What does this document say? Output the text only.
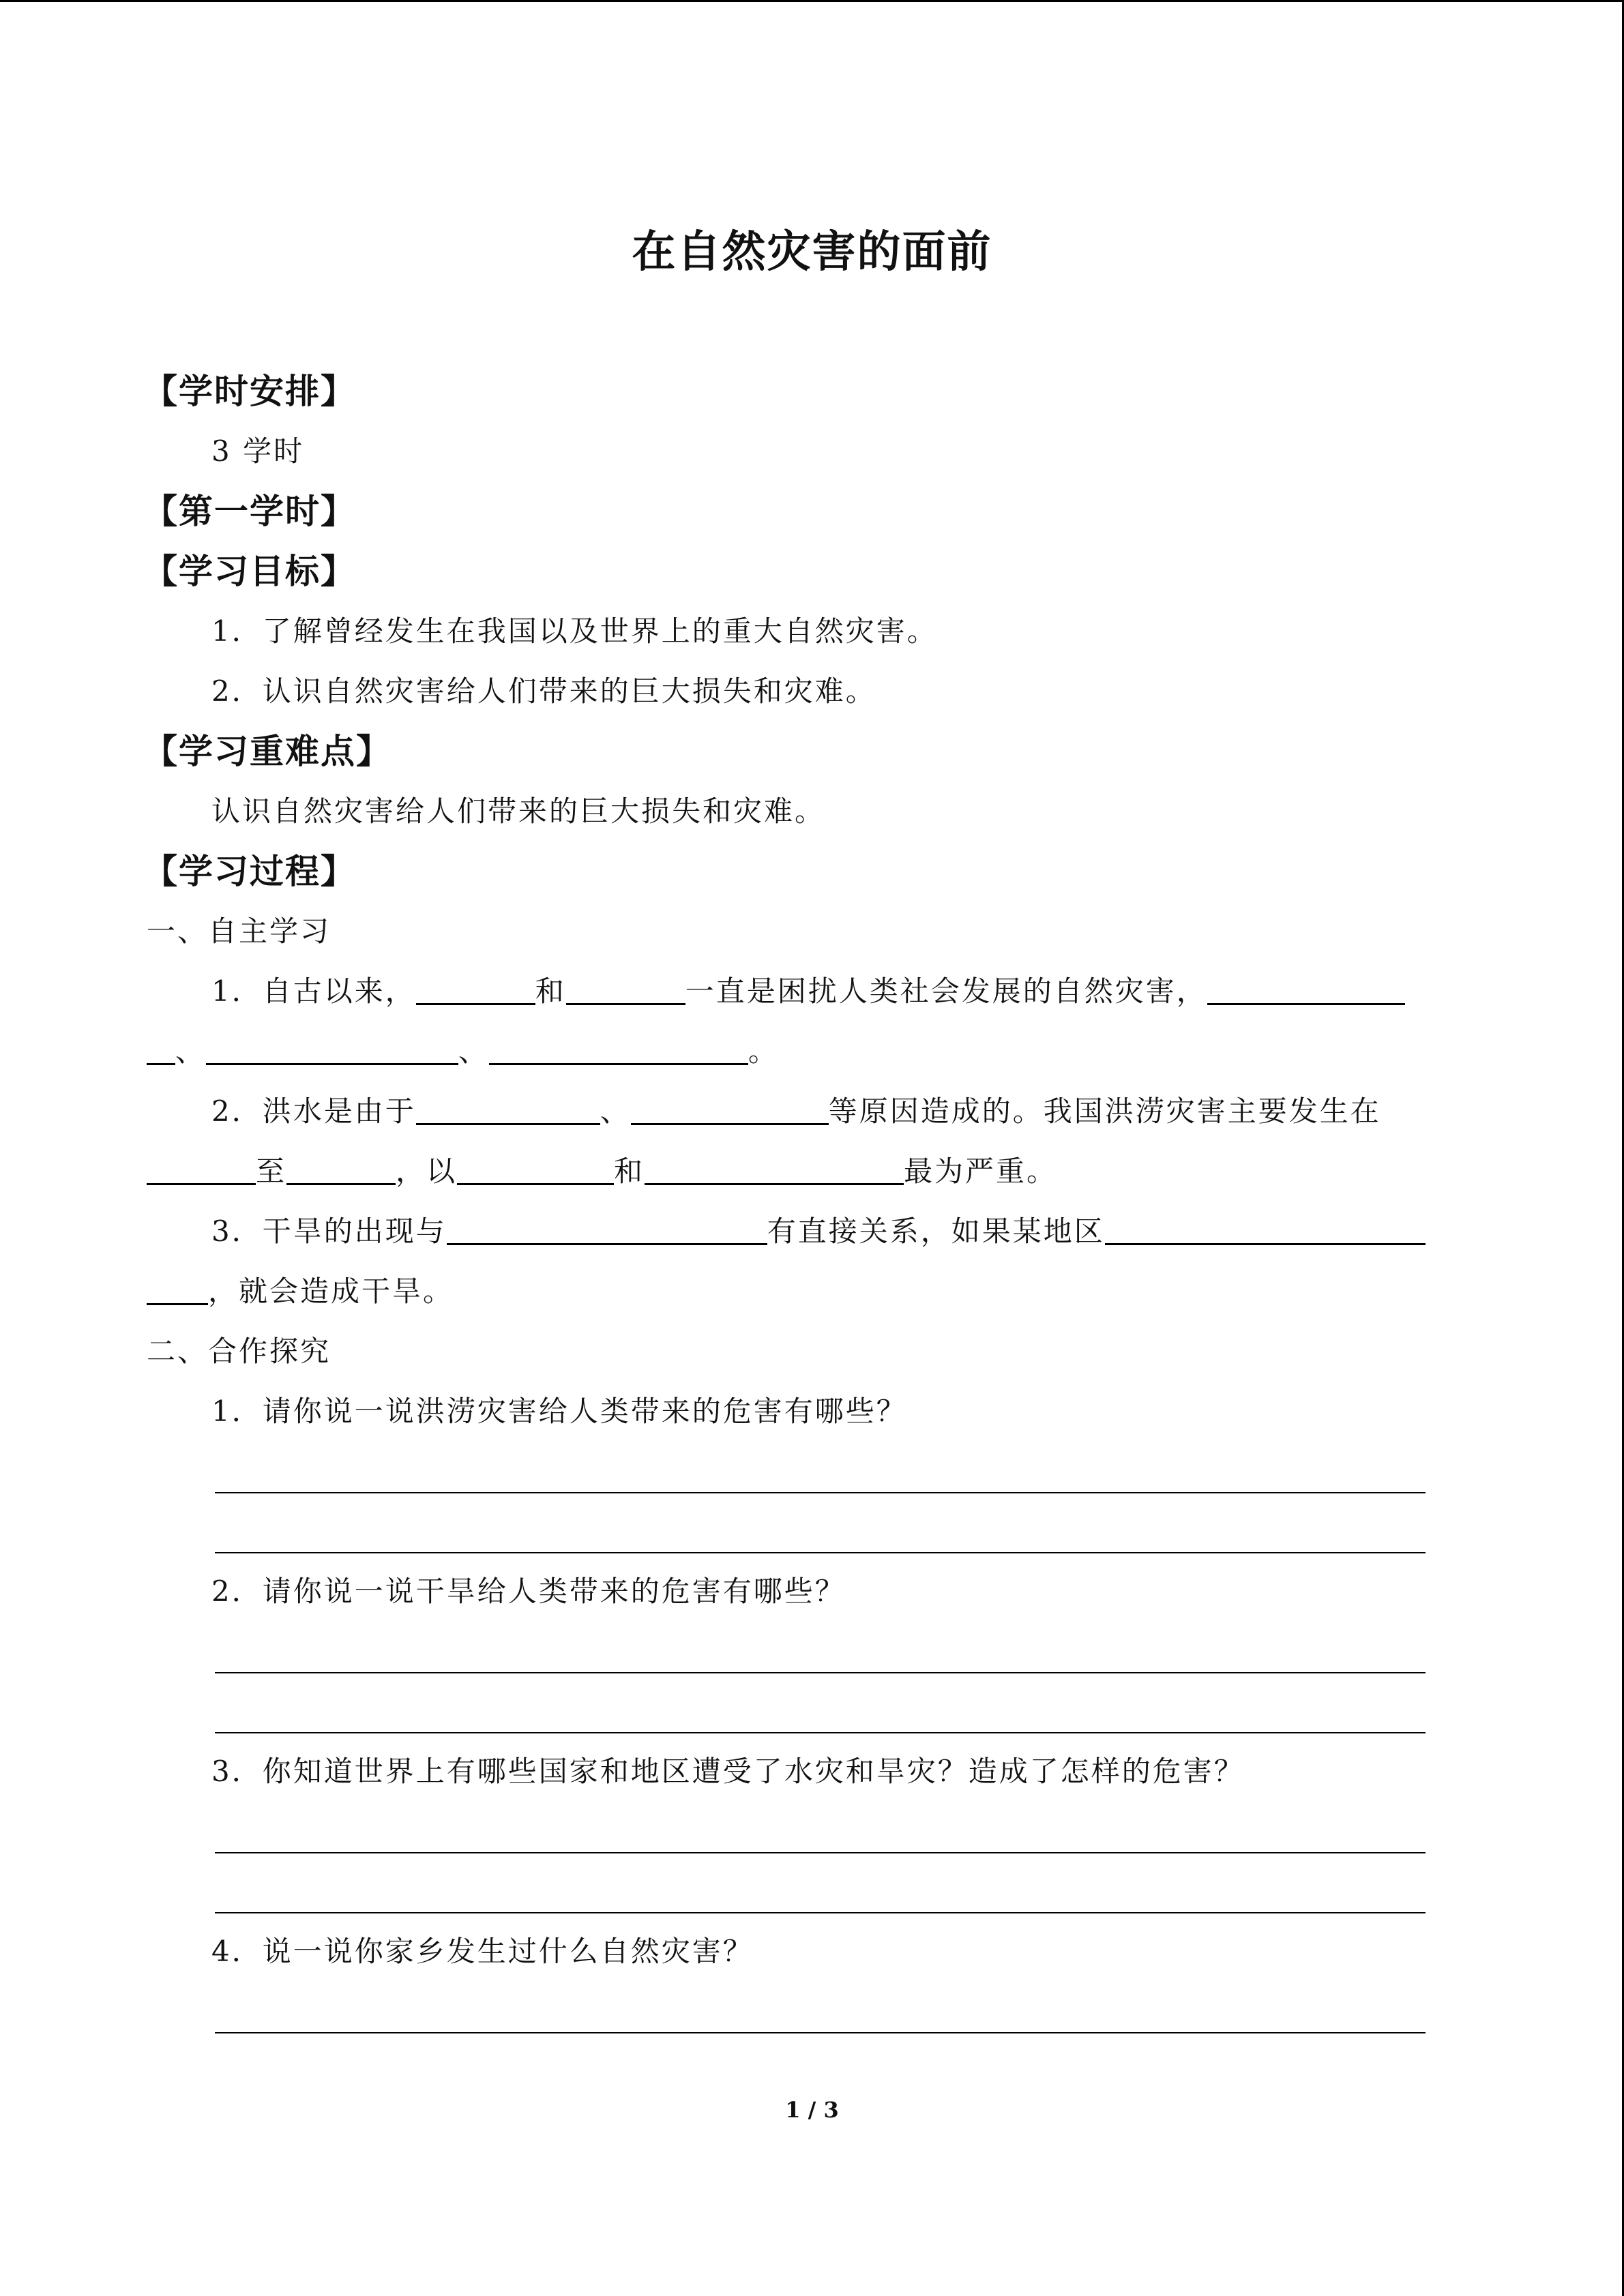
在自然灾害的面前
【学时安排】
3 学时
【第一学时】
【学习目标】
1．了解曾经发生在我国以及世界上的重大自然灾害。
2．认识自然灾害给人们带来的巨大损失和灾难。
【学习重难点】
认识自然灾害给人们带来的巨大损失和灾难。
【学习过程】
一、自主学习
1．自古以来，	和	一直是困扰人类社会发展的自然灾害，
、	、	。
2．洪水是由于	、	等原因造成的。我国洪涝灾害主要发生在
至	，以	和	最为严重。
3．干旱的出现与	有直接关系，如果某地区
，就会造成干旱。
二、合作探究
1．请你说一说洪涝灾害给人类带来的危害有哪些？
2．请你说一说干旱给人类带来的危害有哪些？
3．你知道世界上有哪些国家和地区遭受了水灾和旱灾？造成了怎样的危害？
4．说一说你家乡发生过什么自然灾害？
1 / 3
